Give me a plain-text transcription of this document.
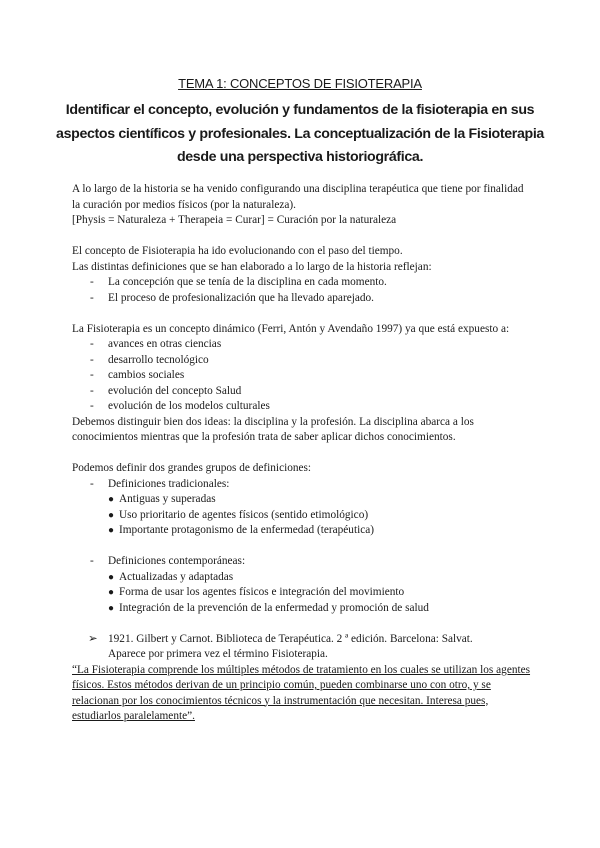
TEMA 1: CONCEPTOS DE FISIOTERAPIA

Identificar el concepto, evolución y fundamentos de la fisioterapia en sus aspectos científicos y profesionales. La conceptualización de la Fisioterapia desde una perspectiva historiográfica.

A lo largo de la historia se ha venido configurando una disciplina terapéutica que tiene por finalidad la curación por medios físicos (por la naturaleza).

[Physis = Naturaleza + Therapeia = Curar] = Curación por la naturaleza

El concepto de Fisioterapia ha ido evolucionando con el paso del tiempo.

Las distintas definiciones que se han elaborado a lo largo de la historia reflejan:

- La concepción que se tenía de la disciplina en cada momento.
- El proceso de profesionalización que ha llevado aparejado.

La Fisioterapia es un concepto dinámico (Ferri, Antón y Avendaño 1997) ya que está expuesto a:

- avances en otras ciencias
- desarrollo tecnológico
- cambios sociales
- evolución del concepto Salud
- evolución de los modelos culturales

Debemos distinguir bien dos ideas: la disciplina y la profesión. La disciplina abarca a los conocimientos mientras que la profesión trata de saber aplicar dichos conocimientos.

Podemos definir dos grandes grupos de definiciones:

- Definiciones tradicionales:
● Antiguas y superadas
● Uso prioritario de agentes físicos (sentido etimológico)
● Importante protagonismo de la enfermedad (terapéutica)
- Definiciones contemporáneas:
● Actualizadas y adaptadas
● Forma de usar los agentes físicos e integración del movimiento
● Integración de la prevención de la enfermedad y promoción de salud
➢ 1921. Gilbert y Carnot. Biblioteca de Terapéutica. 2 ª edición. Barcelona: Salvat.

Aparece por primera vez el término Fisioterapia.

“La Fisioterapia comprende los múltiples métodos de tratamiento en los cuales se utilizan los agentes físicos. Estos métodos derivan de un principio común, pueden combinarse uno con otro, y se relacionan por los conocimientos técnicos y la instrumentación que necesitan. Interesa pues, estudiarlos paralelamente”.
